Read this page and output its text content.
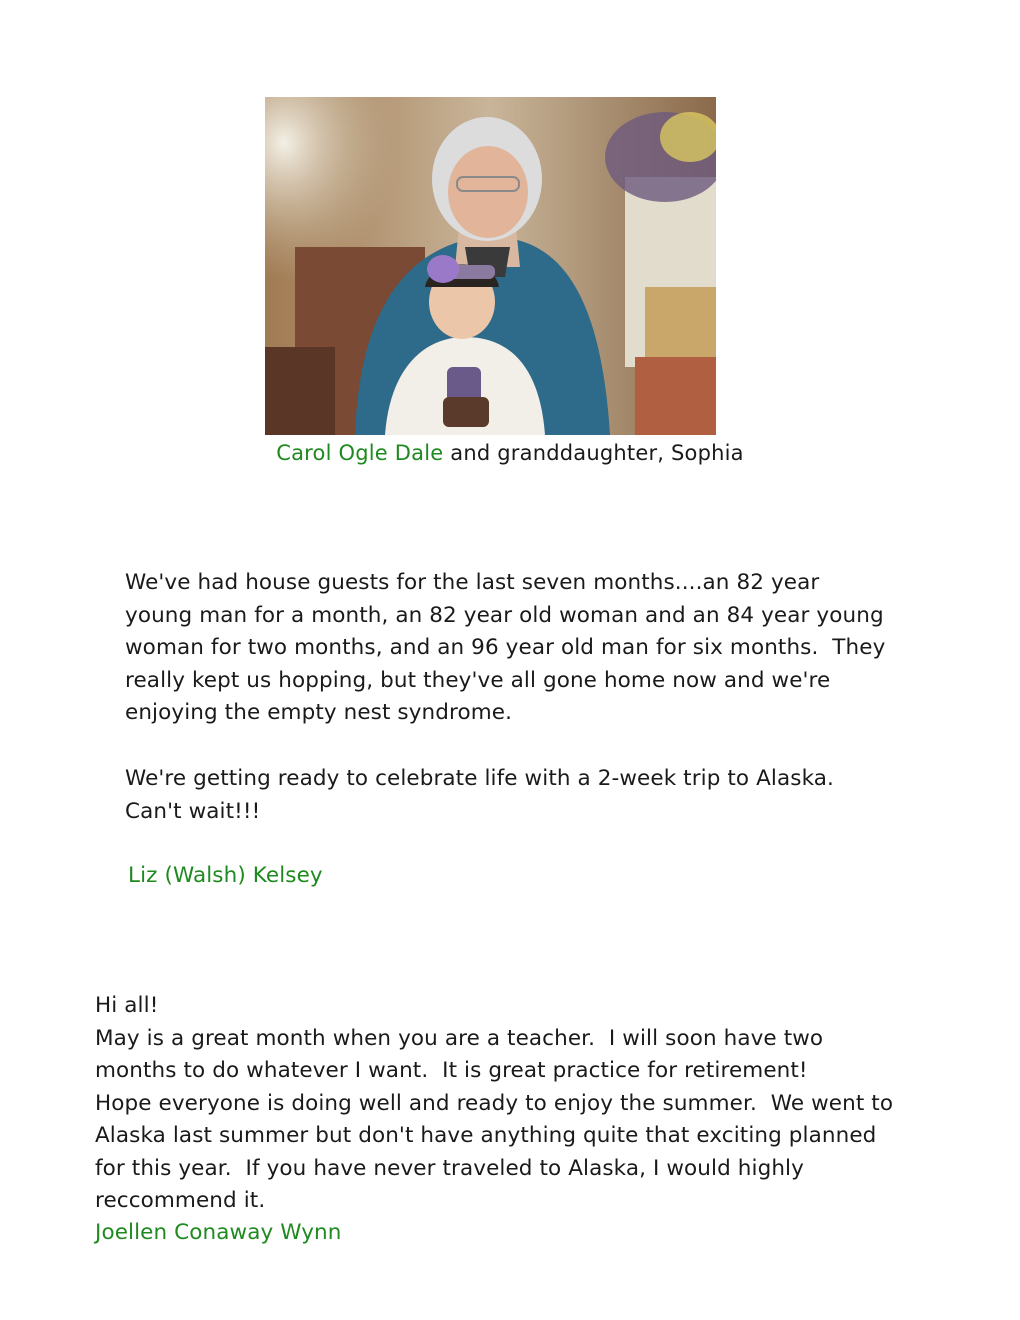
Carol Ogle Dale and granddaughter, Sophia

We've had house guests for the last seven months....an 82 year

young man for a month, an 82 year old woman and an 84 year young

woman for two months, and an 96 year old man for six months.  They

really kept us hopping, but they've all gone home now and we're

enjoying the empty nest syndrome.

We're getting ready to celebrate life with a 2-week trip to Alaska.

Can't wait!!!

Liz (Walsh) Kelsey

Hi all!

May is a great month when you are a teacher.  I will soon have two

months to do whatever I want.  It is great practice for retirement!

Hope everyone is doing well and ready to enjoy the summer.  We went to

Alaska last summer but don't have anything quite that exciting planned

for this year.  If you have never traveled to Alaska, I would highly

reccommend it.

Joellen Conaway Wynn
